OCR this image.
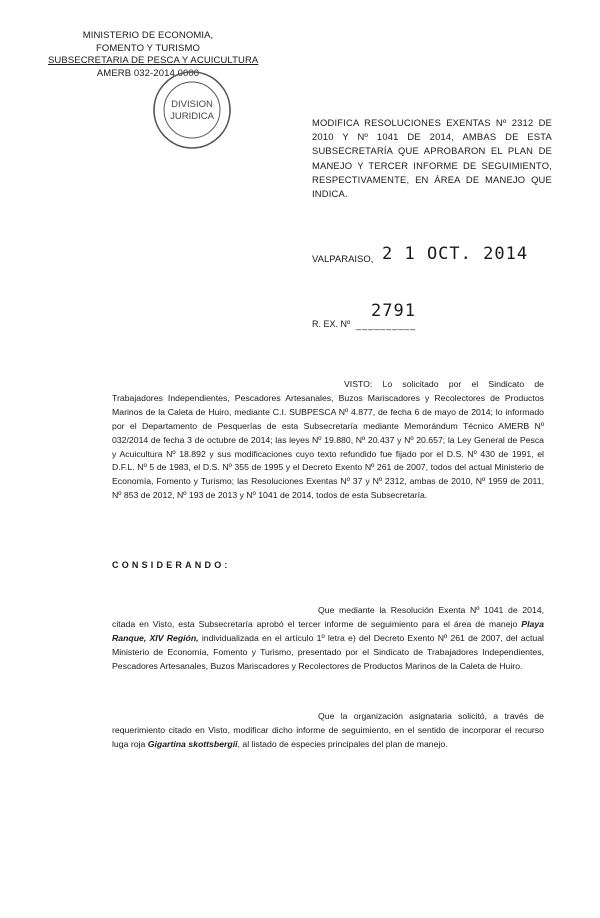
MINISTERIO DE ECONOMIA,
FOMENTO Y TURISMO
SUBSECRETARIA DE PESCA Y ACUICULTURA
AMERB 032-2014 0000
DIVISION
JURIDICA
MODIFICA RESOLUCIONES EXENTAS Nº 2312 DE 2010 Y Nº 1041 DE 2014, AMBAS DE ESTA SUBSECRETARÍA QUE APROBARON EL PLAN DE MANEJO Y TERCER INFORME DE SEGUIMIENTO, RESPECTIVAMENTE, EN ÁREA DE MANEJO QUE INDICA.
VALPARAISO, 2 1 OCT. 2014
R. EX. Nº __________
2791
VISTO: Lo solicitado por el Sindicato de Trabajadores Independientes, Pescadores Artesanales, Buzos Mariscadores y Recolectores de Productos Marinos de la Caleta de Huiro, mediante C.I. SUBPESCA Nº 4.877, de fecha 6 de mayo de 2014; lo informado por el Departamento de Pesquerías de esta Subsecretaría mediante Memorándum Técnico AMERB Nº 032/2014 de fecha 3 de octubre de 2014; las leyes Nº 19.880, Nº 20.437 y Nº 20.657; la Ley General de Pesca y Acuicultura Nº 18.892 y sus modificaciones cuyo texto refundido fue fijado por el D.S. Nº 430 de 1991, el D.F.L. Nº 5 de 1983, el D.S. Nº 355 de 1995 y el Decreto Exento Nº 261 de 2007, todos del actual Ministerio de Economía, Fomento y Turismo; las Resoluciones Exentas Nº 37 y Nº 2312, ambas de 2010, Nº 1959 de 2011, Nº 853 de 2012, Nº 193 de 2013 y Nº 1041 de 2014, todos de esta Subsecretaría.
CONSIDERANDO:
Que mediante la Resolución Exenta Nº 1041 de 2014, citada en Visto, esta Subsecretaría aprobó el tercer informe de seguimiento para el área de manejo Playa Ranque, XIV Región, individualizada en el artículo 1º letra e) del Decreto Exento Nº 261 de 2007, del actual Ministerio de Economía, Fomento y Turismo, presentado por el Sindicato de Trabajadores Independientes, Pescadores Artesanales, Buzos Mariscadores y Recolectores de Productos Marinos de la Caleta de Huiro.
Que la organización asignataria solicitó, a través de requerimiento citado en Visto, modificar dicho informe de seguimiento, en el sentido de incorporar el recurso luga roja Gigartina skottsbergii, al listado de especies principales del plan de manejo.
